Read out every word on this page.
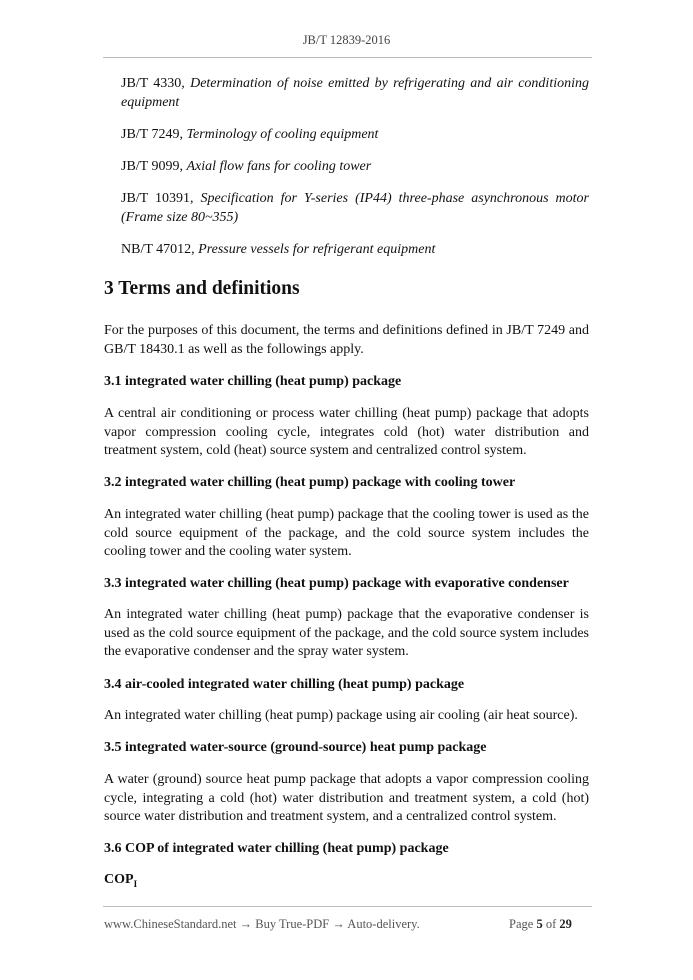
JB/T 12839-2016
JB/T 4330, Determination of noise emitted by refrigerating and air conditioning equipment
JB/T 7249, Terminology of cooling equipment
JB/T 9099, Axial flow fans for cooling tower
JB/T 10391, Specification for Y-series (IP44) three-phase asynchronous motor (Frame size 80~355)
NB/T 47012, Pressure vessels for refrigerant equipment
3 Terms and definitions
For the purposes of this document, the terms and definitions defined in JB/T 7249 and GB/T 18430.1 as well as the followings apply.
3.1 integrated water chilling (heat pump) package
A central air conditioning or process water chilling (heat pump) package that adopts vapor compression cooling cycle, integrates cold (hot) water distribution and treatment system, cold (heat) source system and centralized control system.
3.2 integrated water chilling (heat pump) package with cooling tower
An integrated water chilling (heat pump) package that the cooling tower is used as the cold source equipment of the package, and the cold source system includes the cooling tower and the cooling water system.
3.3 integrated water chilling (heat pump) package with evaporative condenser
An integrated water chilling (heat pump) package that the evaporative condenser is used as the cold source equipment of the package, and the cold source system includes the evaporative condenser and the spray water system.
3.4 air-cooled integrated water chilling (heat pump) package
An integrated water chilling (heat pump) package using air cooling (air heat source).
3.5 integrated water-source (ground-source) heat pump package
A water (ground) source heat pump package that adopts a vapor compression cooling cycle, integrating a cold (hot) water distribution and treatment system, a cold (hot) source water distribution and treatment system, and a centralized control system.
3.6 COP of integrated water chilling (heat pump) package
$COP_I$
www.ChineseStandard.net → Buy True-PDF → Auto-delivery.	Page 5 of 29
